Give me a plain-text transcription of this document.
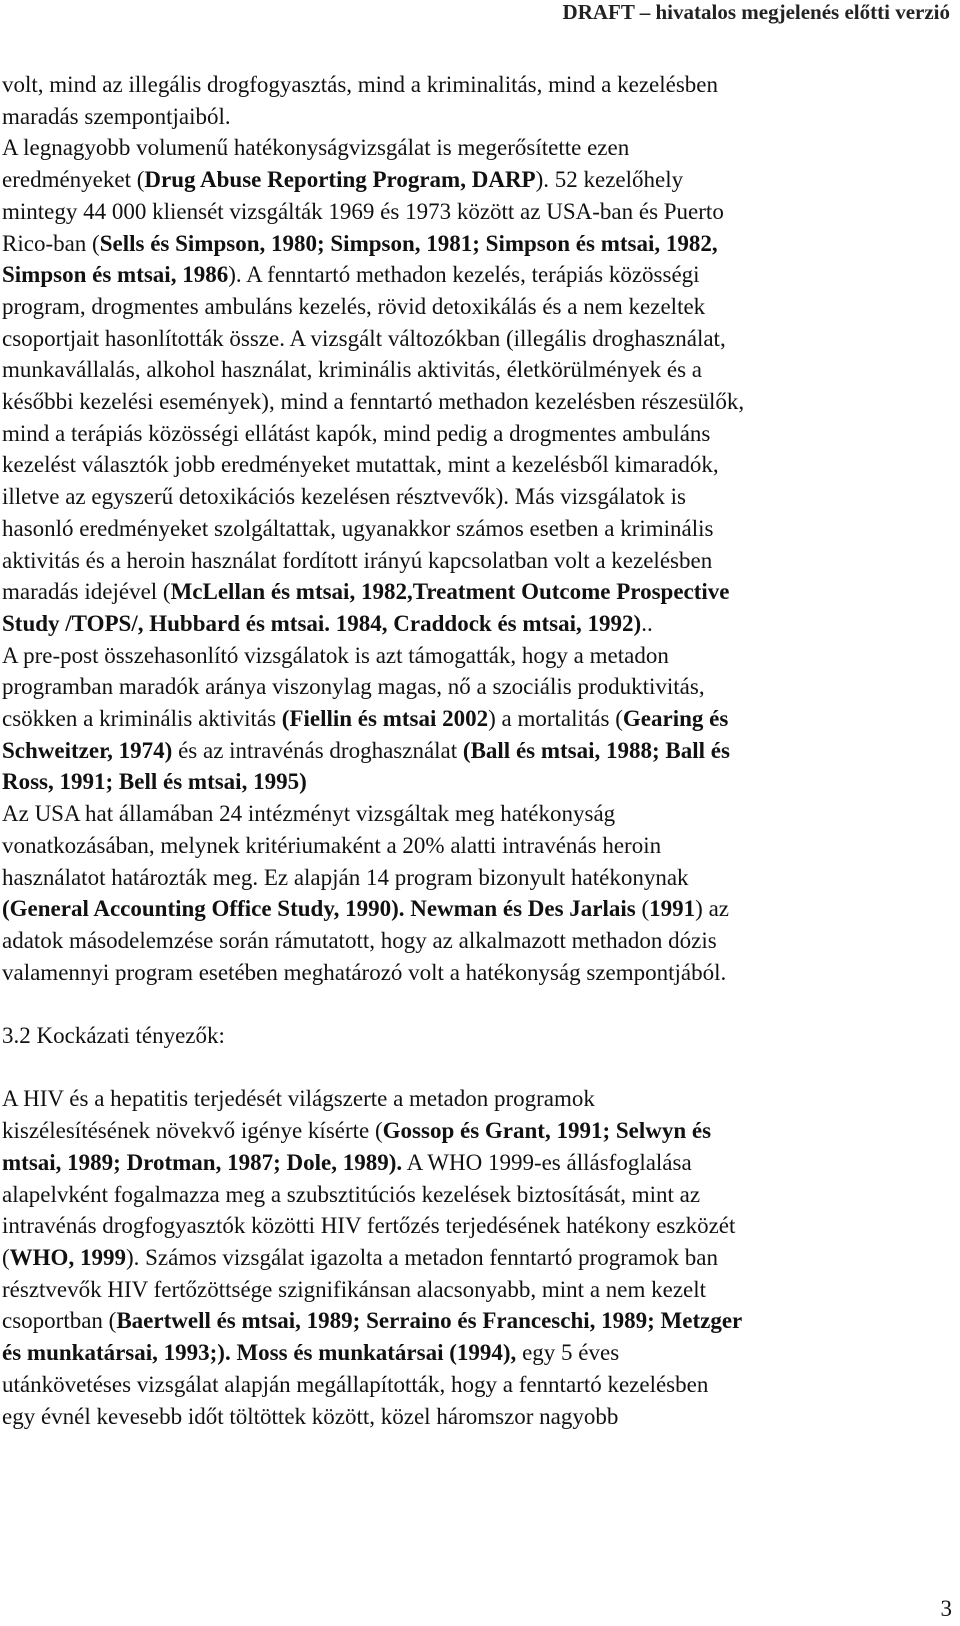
DRAFT – hivatalos megjelenés előtti verzió

volt, mind az illegális drogfogyasztás, mind a kriminalitás, mind a kezelésben
maradás szempontjaiból.
A legnagyobb volumenű hatékonyságvizsgálat is megerősítette ezen
eredményeket (Drug Abuse Reporting Program, DARP). 52 kezelőhely
mintegy 44 000 kliensét vizsgálták 1969 és 1973 között az USA-ban és Puerto
Rico-ban (Sells és Simpson, 1980; Simpson, 1981; Simpson és mtsai, 1982,
Simpson és mtsai, 1986). A fenntartó methadon kezelés, terápiás közösségi
program, drogmentes ambuláns kezelés, rövid detoxikálás és a nem kezeltek
csoportjait hasonlították össze. A vizsgált változókban (illegális droghasználat,
munkavállalás, alkohol használat, kriminális aktivitás, életkörülmények és a
későbbi kezelési események), mind a fenntartó methadon kezelésben részesülők,
mind a terápiás közösségi ellátást kapók, mind pedig a drogmentes ambuláns
kezelést választók jobb eredményeket mutattak, mint a kezelésből kimaradók,
illetve az egyszerű detoxikációs kezelésen résztvevők). Más vizsgálatok is
hasonló eredményeket szolgáltattak, ugyanakkor számos esetben a kriminális
aktivitás és a heroin használat fordított irányú kapcsolatban volt a kezelésben
maradás idejével (McLellan és mtsai, 1982,Treatment Outcome Prospective
Study /TOPS/, Hubbard és mtsai. 1984, Craddock és mtsai, 1992)..
A pre-post összehasonlító vizsgálatok is azt támogatták, hogy a metadon
programban maradók aránya viszonylag magas, nő a szociális produktivitás,
csökken a kriminális aktivitás (Fiellin és mtsai 2002) a mortalitás (Gearing és
Schweitzer, 1974) és az intravénás droghasználat (Ball és mtsai, 1988; Ball és
Ross, 1991; Bell és mtsai, 1995)
Az USA hat államában 24 intézményt vizsgáltak meg hatékonyság
vonatkozásában, melynek kritériumaként a 20% alatti intravénás heroin
használatot határozták meg. Ez alapján 14 program bizonyult hatékonynak
(General Accounting Office Study, 1990). Newman és Des Jarlais (1991) az
adatok másodelemzése során rámutatott, hogy az alkalmazott methadon dózis
valamennyi program esetében meghatározó volt a hatékonyság szempontjából.

3.2 Kockázati tényezők:

A HIV és a hepatitis terjedését világszerte a metadon programok
kiszélesítésének növekvő igénye kísérte (Gossop és Grant, 1991; Selwyn és
mtsai, 1989; Drotman, 1987; Dole, 1989). A WHO 1999-es állásfoglalása
alapelvként fogalmazza meg a szubsztitúciós kezelések biztosítását, mint az
intravénás drogfogyasztók közötti HIV fertőzés terjedésének hatékony eszközét
(WHO, 1999). Számos vizsgálat igazolta a metadon fenntartó programok ban
résztvevők HIV fertőzöttsége szignifikánsan alacsonyabb, mint a nem kezelt
csoportban (Baertwell és mtsai, 1989; Serraino és Franceschi, 1989; Metzger
és munkatársai, 1993;). Moss és munkatársai (1994), egy 5 éves
utánkövetéses vizsgálat alapján megállapították, hogy a fenntartó kezelésben
egy évnél kevesebb időt töltöttek között, közel háromszor nagyobb

3
